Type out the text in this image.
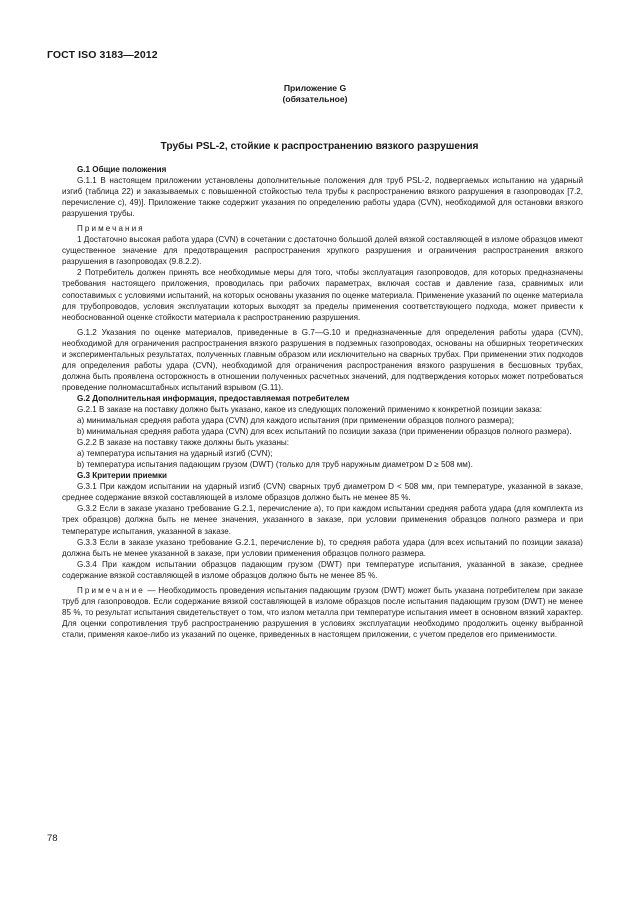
ГОСТ ISO 3183—2012
Приложение G
(обязательное)
Трубы PSL-2, стойкие к распространению вязкого разрушения

G.1 Общие положения

G.1.1 В настоящем приложении установлены дополнительные положения для труб PSL-2, подвергаемых испытанию на ударный изгиб (таблица 22) и заказываемых с повышенной стойкостью тела трубы к распространению вязкого разрушения в газопроводах [7.2, перечисление c), 49)]. Приложение также содержит указания по определению работы удара (CVN), необходимой для остановки вязкого разрушения трубы.

Примечания

1 Достаточно высокая работа удара (CVN) в сочетании с достаточно большой долей вязкой составляющей в изломе образцов имеют существенное значение для предотвращения распространения хрупкого разрушения и ограничения распространения вязкого разрушения в газопроводах (9.8.2.2).

2 Потребитель должен принять все необходимые меры для того, чтобы эксплуатация газопроводов, для которых предназначены требования настоящего приложения, проводилась при рабочих параметрах, включая состав и давление газа, сравнимых или сопоставимых с условиями испытаний, на которых основаны указания по оценке материала. Применение указаний по оценке материала для трубопроводов, условия эксплуатации которых выходят за пределы применения соответствующего подхода, может привести к необоснованной оценке стойкости материала к распространению разрушения.

G.1.2 Указания по оценке материалов, приведенные в G.7—G.10 и предназначенные для определения работы удара (CVN), необходимой для ограничения распространения вязкого разрушения в подземных газопроводах, основаны на обширных теоретических и экспериментальных результатах, полученных главным образом или исключительно на сварных трубах. При применении этих подходов для определения работы удара (CVN), необходимой для ограничения распространения вязкого разрушения в бесшовных трубах, должна быть проявлена осторожность в отношении полученных расчетных значений, для подтверждения которых может потребоваться проведение полномасштабных испытаний взрывом (G.11).

G.2 Дополнительная информация, предоставляемая потребителем

G.2.1 В заказе на поставку должно быть указано, какое из следующих положений применимо к конкретной позиции заказа:

a) минимальная средняя работа удара (CVN) для каждого испытания (при применении образцов полного размера);

b) минимальная средняя работа удара (CVN) для всех испытаний по позиции заказа (при применении образцов полного размера).

G.2.2 В заказе на поставку также должны быть указаны:

a) температура испытания на ударный изгиб (CVN);

b) температура испытания падающим грузом (DWT) (только для труб наружным диаметром D ≥ 508 мм).

G.3 Критерии приемки

G.3.1 При каждом испытании на ударный изгиб (CVN) сварных труб диаметром D < 508 мм, при температуре, указанной в заказе, среднее содержание вязкой составляющей в изломе образцов должно быть не менее 85 %.

G.3.2 Если в заказе указано требование G.2.1, перечисление a), то при каждом испытании средняя работа удара (для комплекта из трех образцов) должна быть не менее значения, указанного в заказе, при условии применения образцов полного размера и при температуре испытания, указанной в заказе.

G.3.3 Если в заказе указано требование G.2.1, перечисление b), то средняя работа удара (для всех испытаний по позиции заказа) должна быть не менее указанной в заказе, при условии применения образцов полного размера.

G.3.4 При каждом испытании образцов падающим грузом (DWT) при температуре испытания, указанной в заказе, среднее содержание вязкой составляющей в изломе образцов должно быть не менее 85 %.

Примечание — Необходимость проведения испытания падающим грузом (DWT) может быть указана потребителем при заказе труб для газопроводов. Если содержание вязкой составляющей в изломе образцов после испытания падающим грузом (DWT) не менее 85 %, то результат испытания свидетельствует о том, что излом металла при температуре испытания имеет в основном вязкий характер. Для оценки сопротивления труб распространению разрушения в условиях эксплуатации необходимо продолжить оценку выбранной стали, применяя какое-либо из указаний по оценке, приведенных в настоящем приложении, с учетом пределов его применимости.

78
